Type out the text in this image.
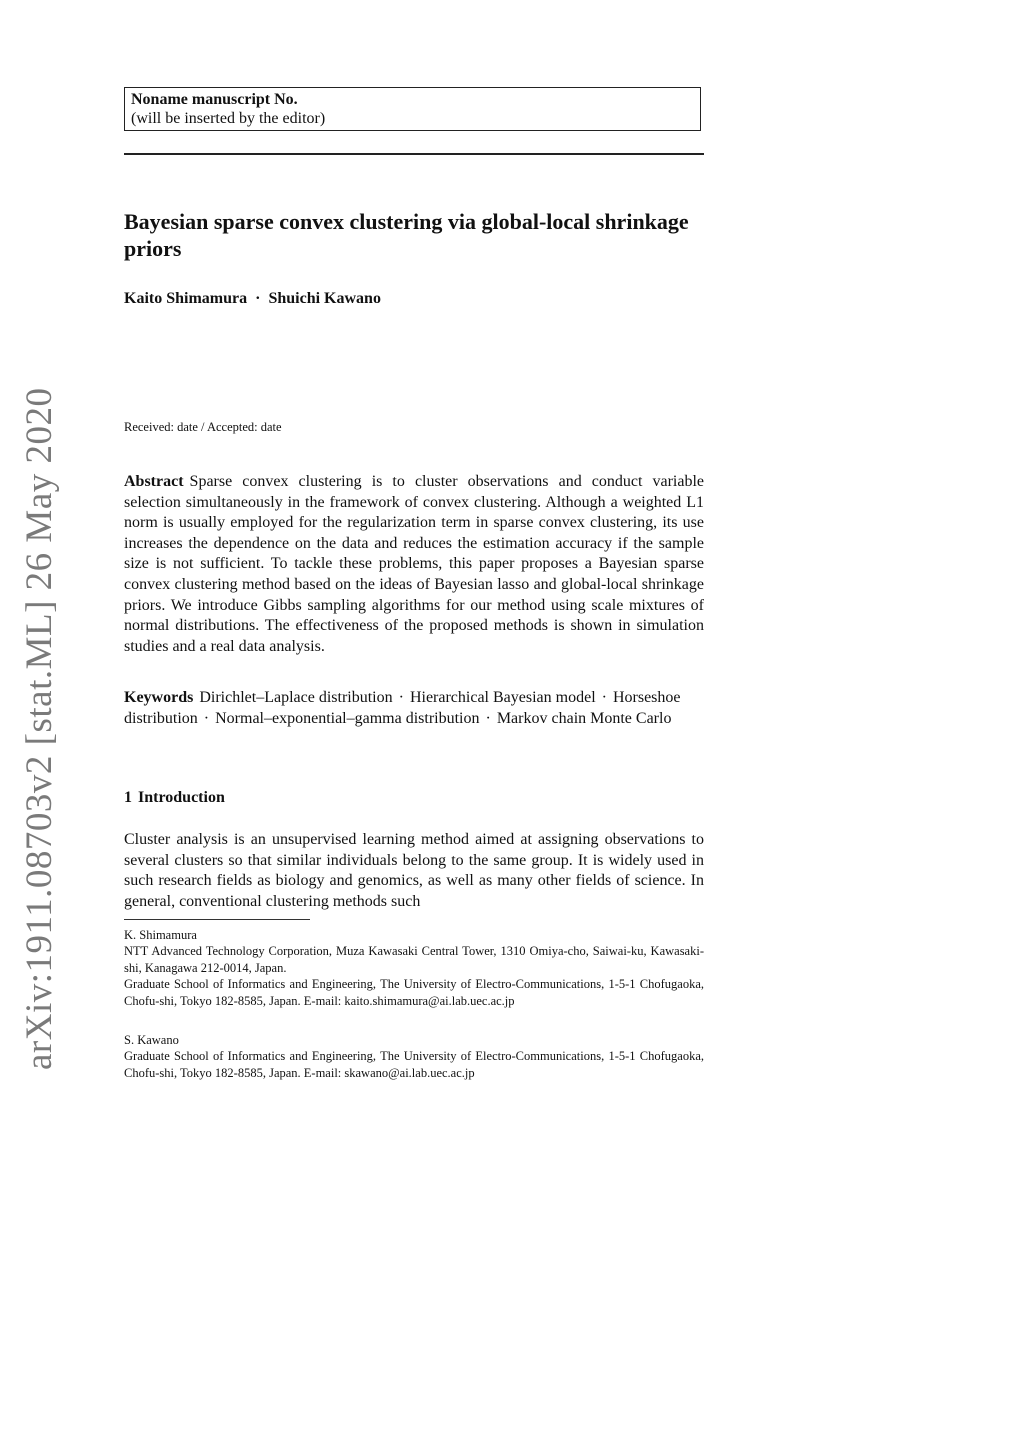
arXiv:1911.08703v2 [stat.ML] 26 May 2020
Noname manuscript No.
(will be inserted by the editor)
Bayesian sparse convex clustering via global-local shrinkage priors
Kaito Shimamura · Shuichi Kawano
Received: date / Accepted: date

Abstract Sparse convex clustering is to cluster observations and conduct variable selection simultaneously in the framework of convex clustering. Although a weighted L1 norm is usually employed for the regularization term in sparse convex clustering, its use increases the dependence on the data and reduces the estimation accuracy if the sample size is not sufficient. To tackle these problems, this paper proposes a Bayesian sparse convex clustering method based on the ideas of Bayesian lasso and global-local shrinkage priors. We introduce Gibbs sampling algorithms for our method using scale mixtures of normal distributions. The effectiveness of the proposed methods is shown in simulation studies and a real data analysis.

Keywords Dirichlet–Laplace distribution · Hierarchical Bayesian model · Horseshoe distribution · Normal–exponential–gamma distribution · Markov chain Monte Carlo

1 Introduction

Cluster analysis is an unsupervised learning method aimed at assigning observations to several clusters so that similar individuals belong to the same group. It is widely used in such research fields as biology and genomics, as well as many other fields of science. In general, conventional clustering methods such

K. Shimamura
NTT Advanced Technology Corporation, Muza Kawasaki Central Tower, 1310 Omiya-cho, Saiwai-ku, Kawasaki-shi, Kanagawa 212-0014, Japan.
Graduate School of Informatics and Engineering, The University of Electro-Communications, 1-5-1 Chofugaoka, Chofu-shi, Tokyo 182-8585, Japan. E-mail: kaito.shimamura@ai.lab.uec.ac.jp
S. Kawano
Graduate School of Informatics and Engineering, The University of Electro-Communications, 1-5-1 Chofugaoka, Chofu-shi, Tokyo 182-8585, Japan. E-mail: skawano@ai.lab.uec.ac.jp
